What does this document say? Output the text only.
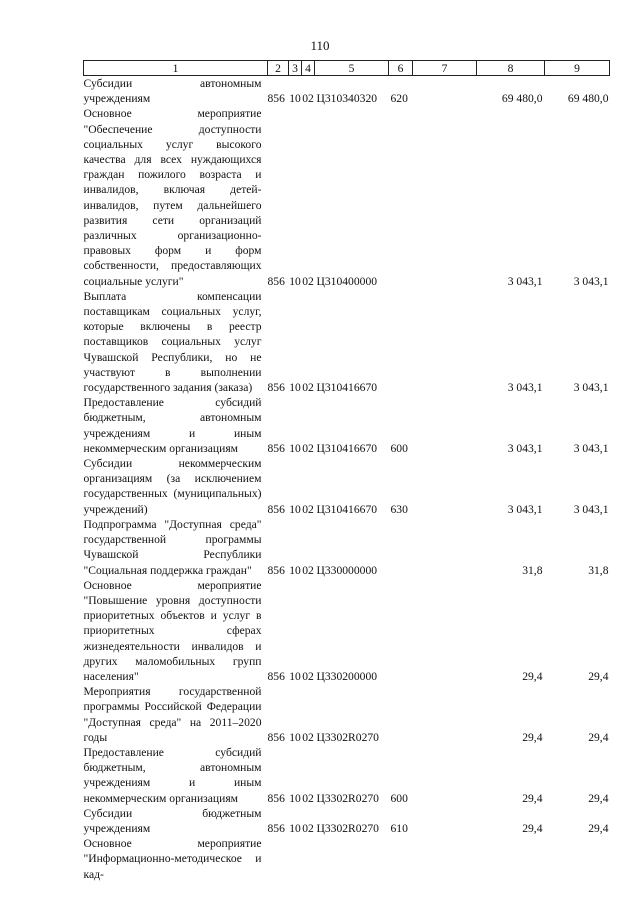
110
1	2	3	4	5	6	7	8	9
Субсидии автономным учреждениям	856	10	02	Ц310340320	620		69 480,0	69 480,0
Основное мероприятие "Обеспечение доступности социальных услуг высокого качества для всех нуждающихся граждан пожилого возраста и инвалидов, включая детей-инвалидов, путем дальнейшего развития сети организаций различных организационно-правовых форм и форм собственности, предоставляющих социальные услуги"	856	10	02	Ц310400000			3 043,1	3 043,1
Выплата компенсации поставщикам социальных услуг, которые включены в реестр поставщиков социальных услуг Чувашской Республики, но не участвуют в выполнении государственного задания (заказа)	856	10	02	Ц310416670			3 043,1	3 043,1
Предоставление субсидий бюджетным, автономным учреждениям и иным некоммерческим организациям	856	10	02	Ц310416670	600		3 043,1	3 043,1
Субсидии некоммерческим организациям (за исключением государственных (муниципальных) учреждений)	856	10	02	Ц310416670	630		3 043,1	3 043,1
Подпрограмма "Доступная среда" государственной программы Чувашской Республики "Социальная поддержка граждан"	856	10	02	Ц330000000			31,8	31,8
Основное мероприятие "Повышение уровня доступности приоритетных объектов и услуг в приоритетных сферах жизнедеятельности инвалидов и других маломобильных групп населения"	856	10	02	Ц330200000			29,4	29,4
Мероприятия государственной программы Российской Федерации "Доступная среда" на 2011–2020 годы	856	10	02	Ц3302R0270			29,4	29,4
Предоставление субсидий бюджетным, автономным учреждениям и иным некоммерческим организациям	856	10	02	Ц3302R0270	600		29,4	29,4
Субсидии бюджетным учреждениям	856	10	02	Ц3302R0270	610		29,4	29,4
Основное мероприятие "Информационно-методическое и кад-								
